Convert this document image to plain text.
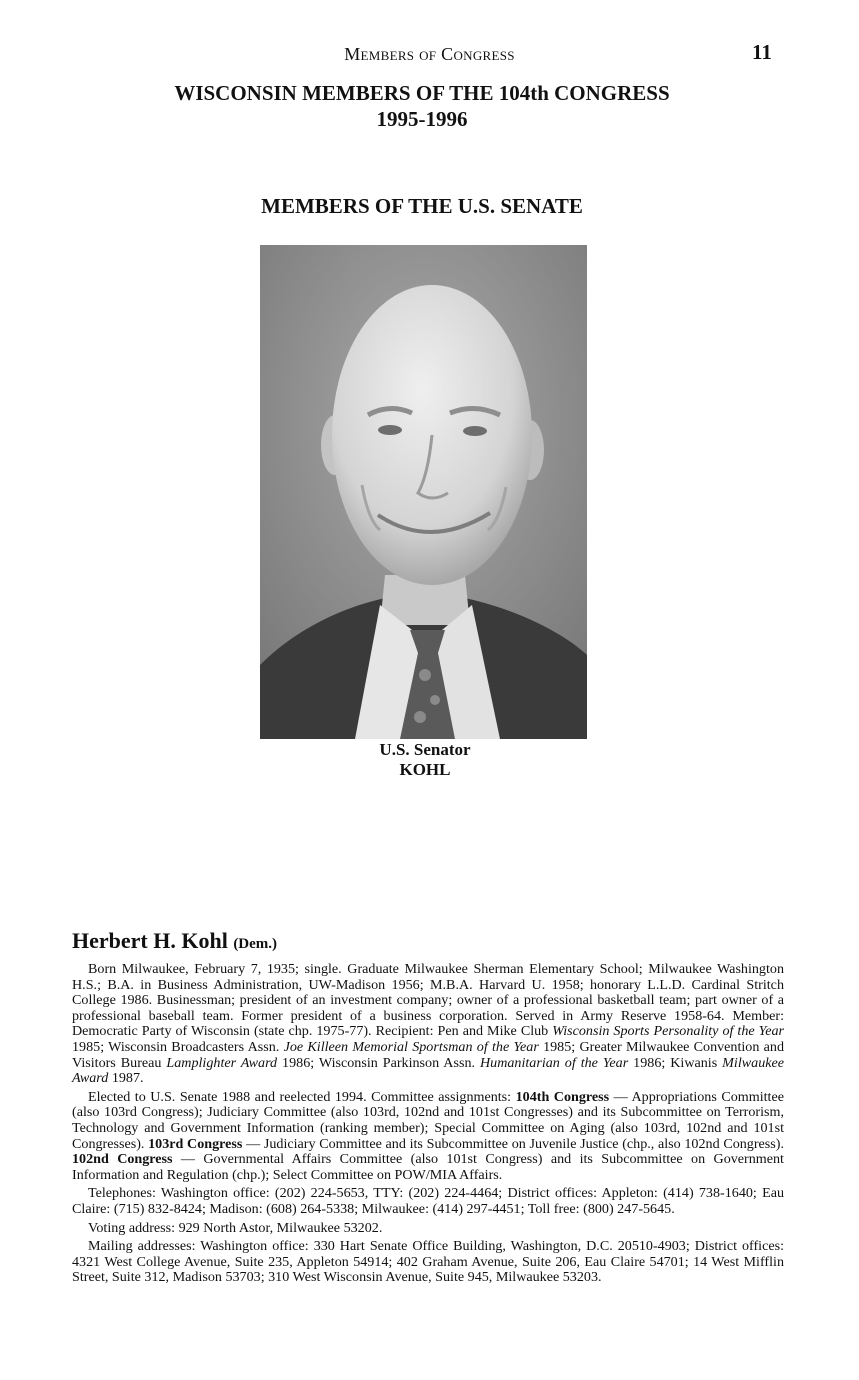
Members of Congress	11
WISCONSIN MEMBERS OF THE 104th CONGRESS
1995-1996
MEMBERS OF THE U.S. SENATE
U.S. Senator
KOHL
Herbert H. Kohl (Dem.)

Born Milwaukee, February 7, 1935; single. Graduate Milwaukee Sherman Elementary School; Milwaukee Washington H.S.; B.A. in Business Administration, UW-Madison 1956; M.B.A. Harvard U. 1958; honorary L.L.D. Cardinal Stritch College 1986. Businessman; president of an investment company; owner of a professional basketball team; part owner of a professional baseball team. Former president of a business corporation. Served in Army Reserve 1958-64. Member: Democratic Party of Wisconsin (state chp. 1975-77). Recipient: Pen and Mike Club Wisconsin Sports Personality of the Year 1985; Wisconsin Broadcasters Assn. Joe Killeen Memorial Sportsman of the Year 1985; Greater Milwaukee Convention and Visitors Bureau Lamplighter Award 1986; Wisconsin Parkinson Assn. Humanitarian of the Year 1986; Kiwanis Milwaukee Award 1987.

Elected to U.S. Senate 1988 and reelected 1994. Committee assignments: 104th Congress — Appropriations Committee (also 103rd Congress); Judiciary Committee (also 103rd, 102nd and 101st Congresses) and its Subcommittee on Terrorism, Technology and Government Information (ranking member); Special Committee on Aging (also 103rd, 102nd and 101st Congresses). 103rd Congress — Judiciary Committee and its Subcommittee on Juvenile Justice (chp., also 102nd Congress). 102nd Congress — Governmental Affairs Committee (also 101st Congress) and its Subcommittee on Government Information and Regulation (chp.); Select Committee on POW/MIA Affairs.

Telephones: Washington office: (202) 224-5653, TTY: (202) 224-4464; District offices: Appleton: (414) 738-1640; Eau Claire: (715) 832-8424; Madison: (608) 264-5338; Milwaukee: (414) 297-4451; Toll free: (800) 247-5645.

Voting address: 929 North Astor, Milwaukee 53202.

Mailing addresses: Washington office: 330 Hart Senate Office Building, Washington, D.C. 20510-4903; District offices: 4321 West College Avenue, Suite 235, Appleton 54914; 402 Graham Avenue, Suite 206, Eau Claire 54701; 14 West Mifflin Street, Suite 312, Madison 53703; 310 West Wisconsin Avenue, Suite 945, Milwaukee 53203.
